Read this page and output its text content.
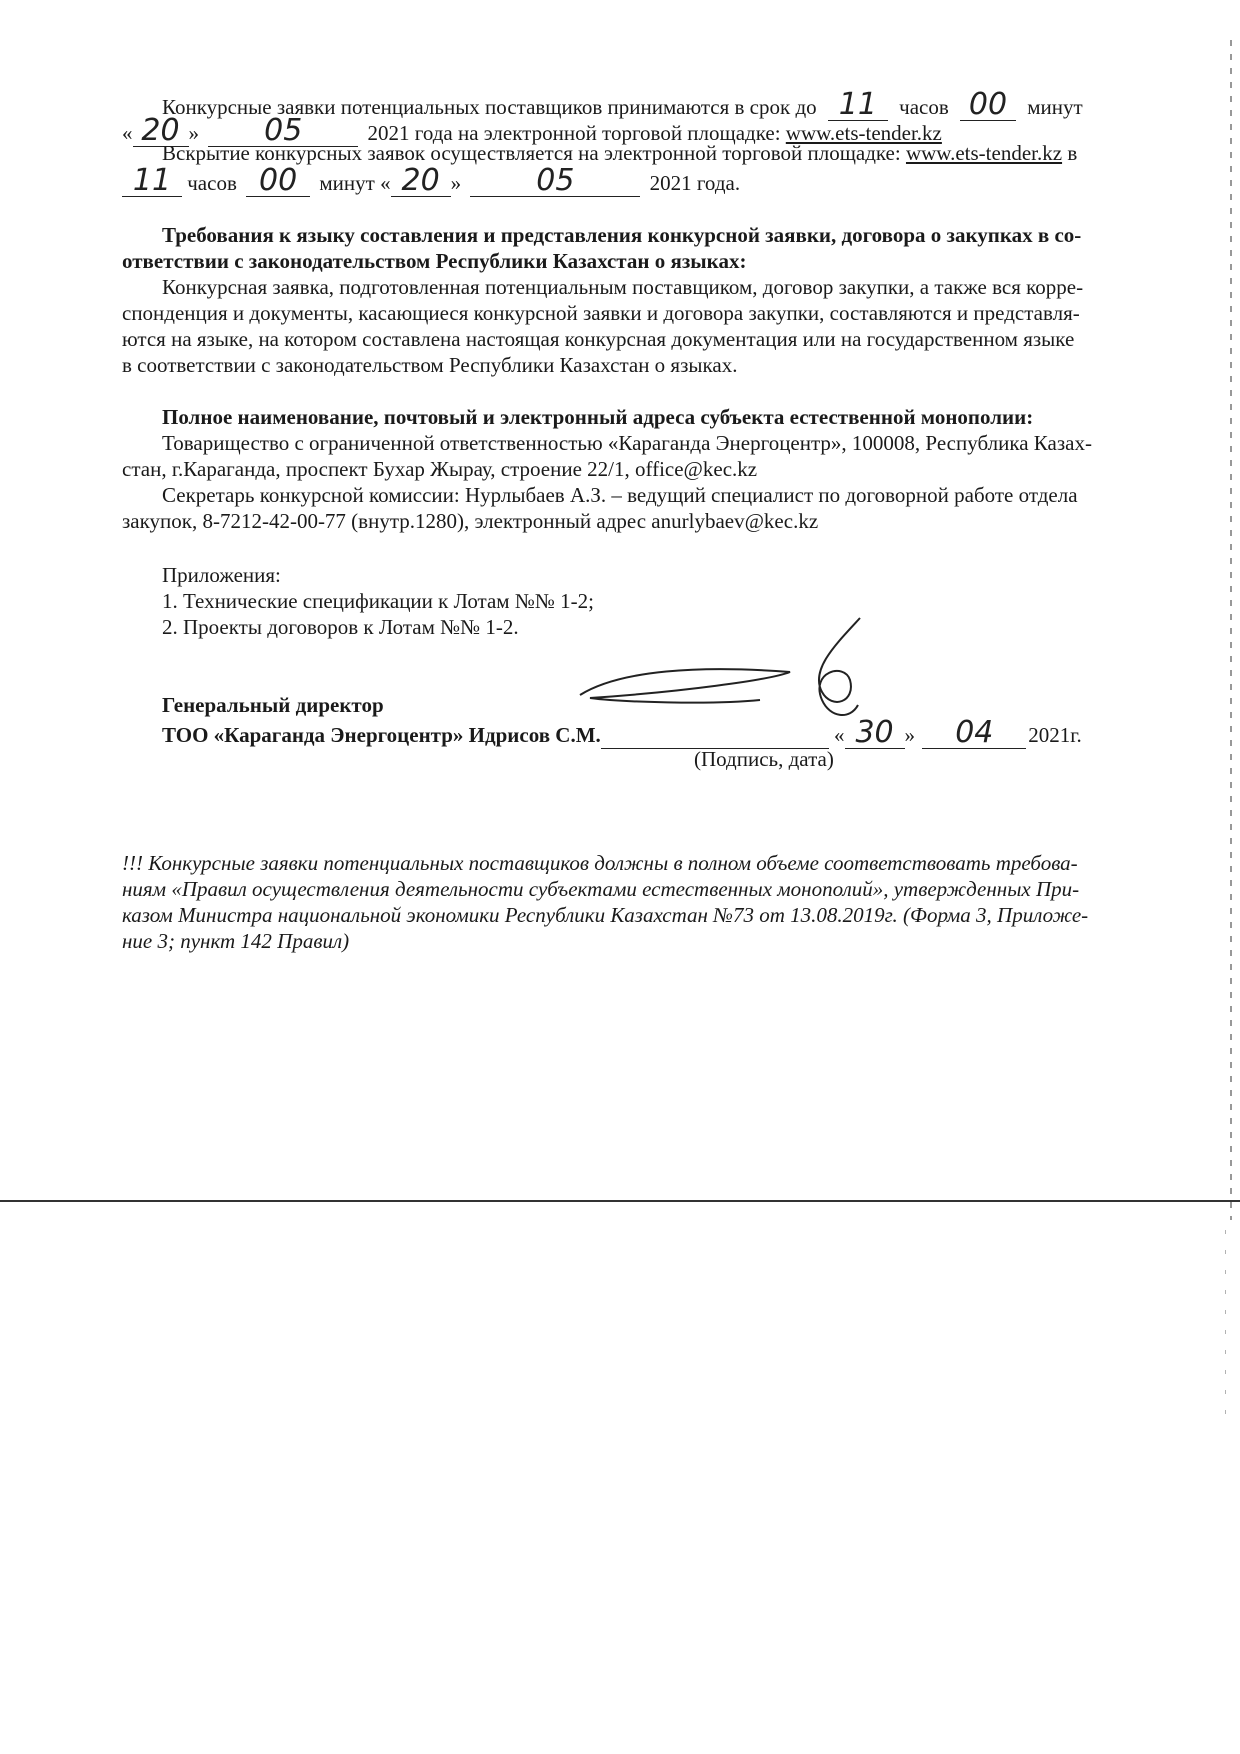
Конкурсные заявки потенциальных поставщиков принимаются в срок до 11 часов 00 минут
« 20 » 05	2021 года на электронной торговой площадке: www.ets-tender.kz
Вскрытие конкурсных заявок осуществляется на электронной торговой площадке: www.ets-tender.kz в
11 часов 00 минут « 20 »	05	2021 года.
Требования к языку составления и представления конкурсной заявки, договора о закупках в со-
ответствии с законодательством Республики Казахстан о языках:
Конкурсная заявка, подготовленная потенциальным поставщиком, договор закупки, а также вся корре-
спонденция и документы, касающиеся конкурсной заявки и договора закупки, составляются и представля-
ются на языке, на котором составлена настоящая конкурсная документация или на государственном языке
в соответствии с законодательством Республики Казахстан о языках.
Полное наименование, почтовый и электронный адреса субъекта естественной монополии:
Товарищество с ограниченной ответственностью «Караганда Энергоцентр», 100008, Республика Казах-
стан, г.Караганда, проспект Бухар Жырау, строение 22/1, office@kec.kz
Секретарь конкурсной комиссии: Нурлыбаев А.З. – ведущий специалист по договорной работе отдела
закупок, 8-7212-42-00-77 (внутр.1280), электронный адрес anurlybaev@kec.kz
Приложения:
1. Технические спецификации к Лотам №№ 1-2;
2. Проекты договоров к Лотам №№ 1-2.
Генеральный директор
ТОО «Караганда Энергоцентр» Идрисов С.М.	« 30 » 04 2021г.
(Подпись, дата)
!!! Конкурсные заявки потенциальных поставщиков должны в полном объеме соответствовать требова-
ниям «Правил осуществления деятельности субъектами естественных монополий», утвержденных При-
казом Министра национальной экономики Республики Казахстан №73 от 13.08.2019г. (Форма 3, Приложе-
ние 3; пункт 142 Правил)
